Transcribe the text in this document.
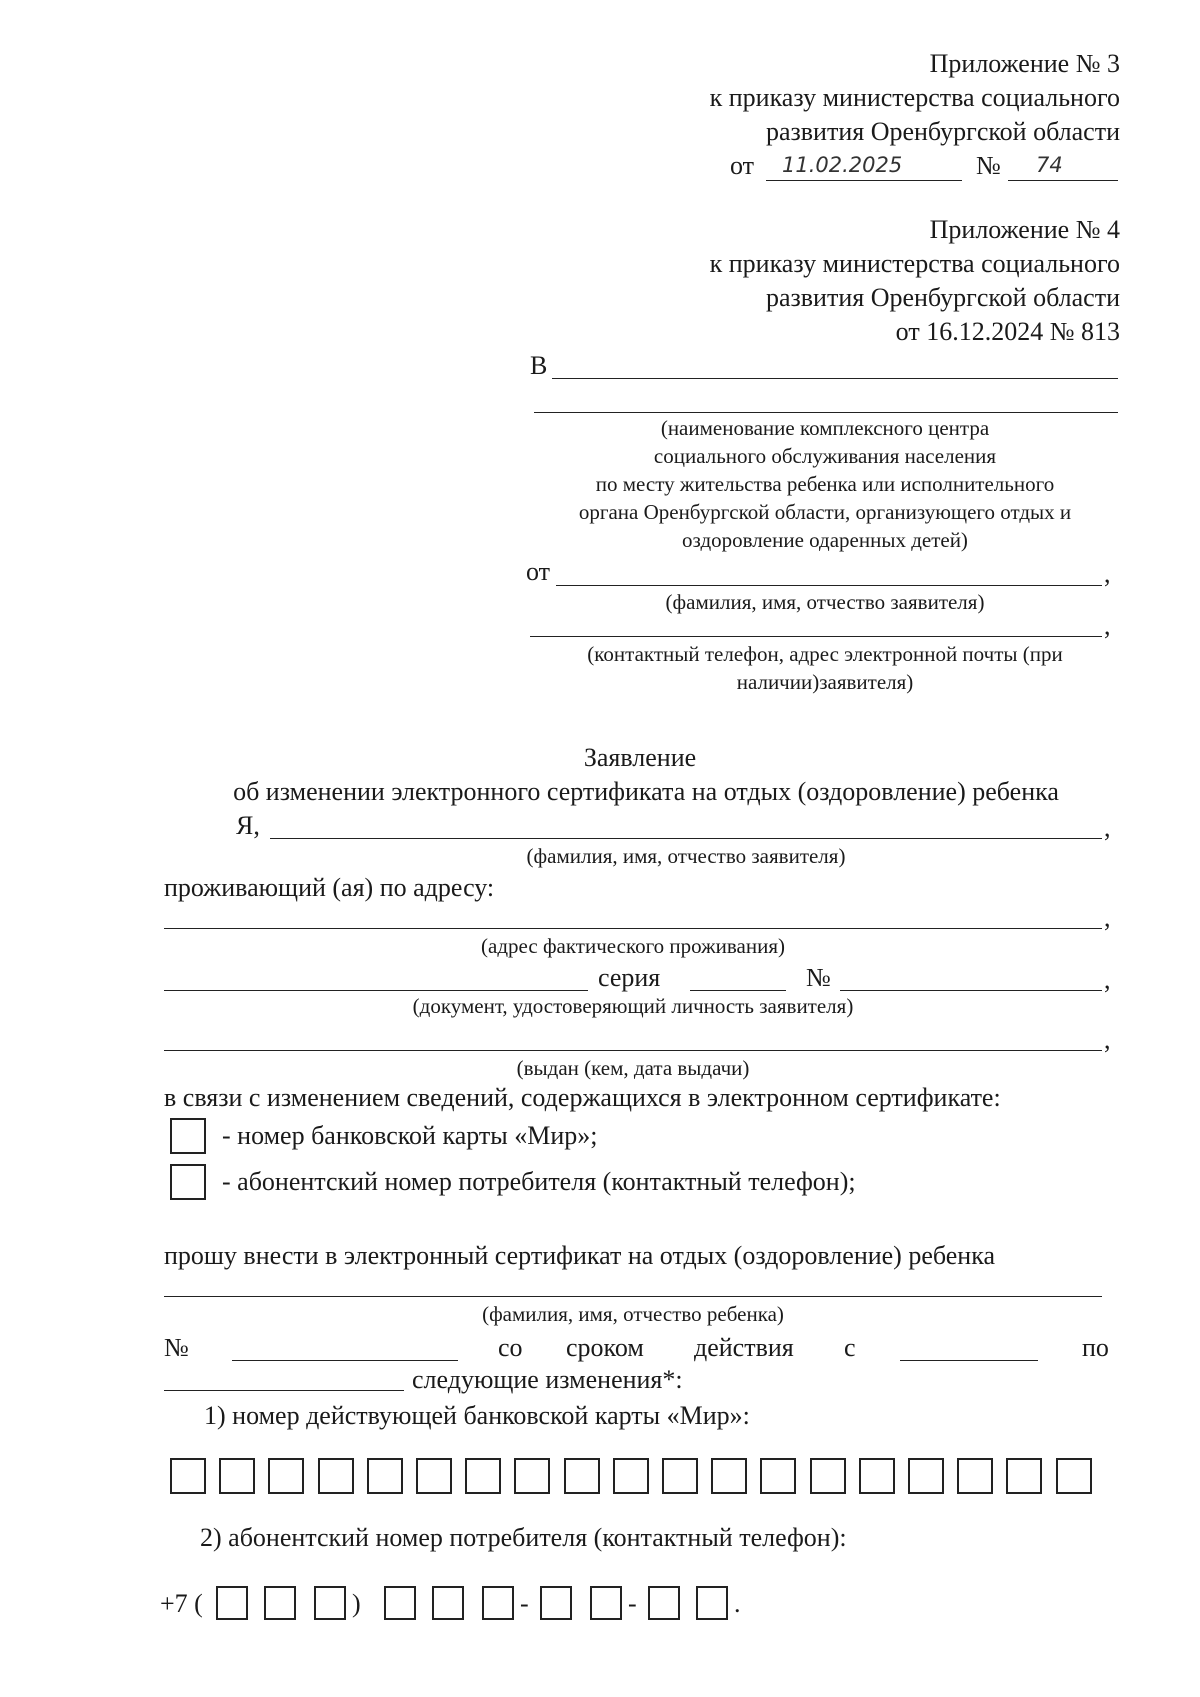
Приложение № 3
к приказу министерства социального
развития Оренбургской области
от 11.02.2025	№ 74
Приложение № 4
к приказу министерства социального
развития Оренбургской области
от 16.12.2024 № 813
В
(наименование комплексного центра
социального обслуживания населения
по месту жительства ребенка или исполнительного
органа Оренбургской области, организующего отдых и
оздоровление одаренных детей)
от	,
(фамилия, имя, отчество заявителя)
,
(контактный телефон, адрес электронной почты (при
наличии)заявителя)
Заявление
об изменении электронного сертификата на отдых (оздоровление) ребенка
Я,	,
(фамилия, имя, отчество заявителя)
проживающий (ая) по адресу:
,
(адрес фактического проживания)
серия	№	,
(документ, удостоверяющий личность заявителя)
,
(выдан (кем, дата выдачи)
в связи с изменением сведений, содержащихся в электронном сертификате:
- номер банковской карты «Мир»;
- абонентский номер потребителя (контактный телефон);
прошу внести в электронный сертификат на отдых (оздоровление) ребенка
(фамилия, имя, отчество ребенка)
№	со сроком действия с	по
следующие изменения*:
1) номер действующей банковской карты «Мир»:
2) абонентский номер потребителя (контактный телефон):
+7 (	)	-	-	.
